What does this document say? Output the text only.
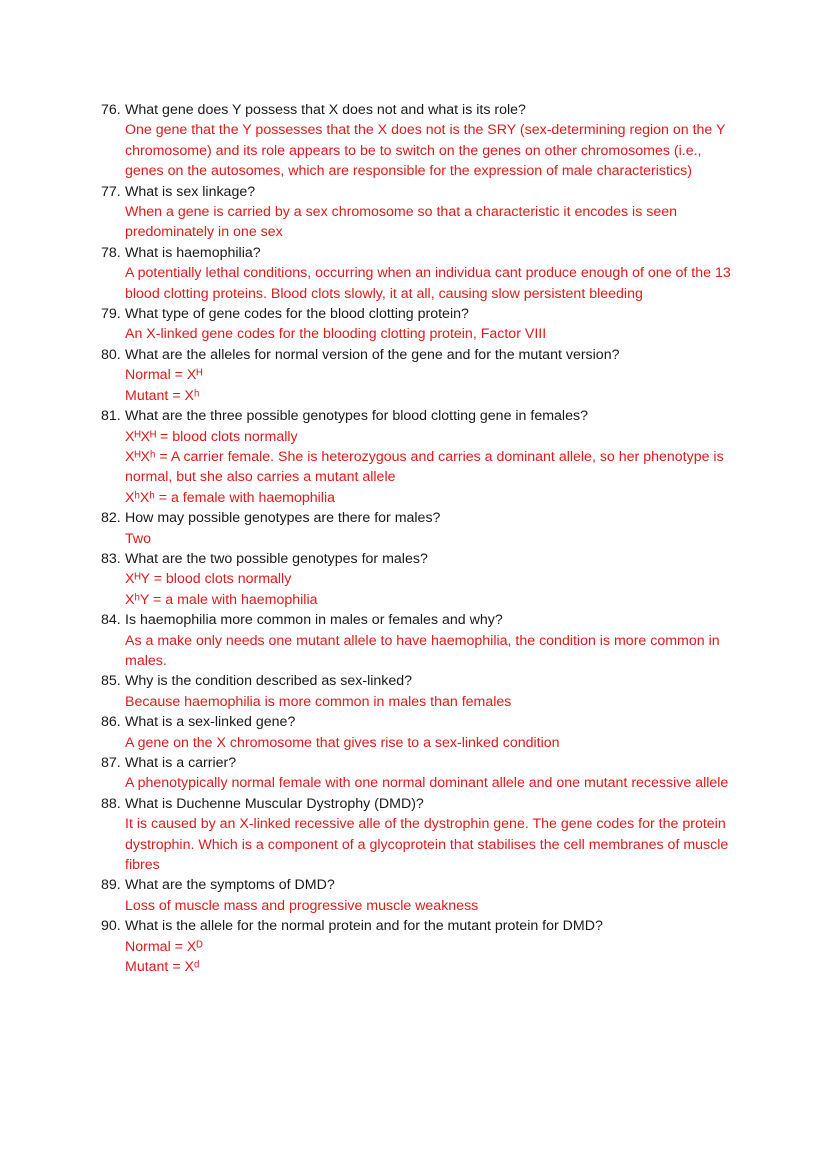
76. What gene does Y possess that X does not and what is its role?
One gene that the Y possesses that the X does not is the SRY (sex-determining region on the Y chromosome) and its role appears to be to switch on the genes on other chromosomes (i.e., genes on the autosomes, which are responsible for the expression of male characteristics)
77. What is sex linkage?
When a gene is carried by a sex chromosome so that a characteristic it encodes is seen predominately in one sex
78. What is haemophilia?
A potentially lethal conditions, occurring when an individua cant produce enough of one of the 13 blood clotting proteins. Blood clots slowly, it at all, causing slow persistent bleeding
79. What type of gene codes for the blood clotting protein?
An X-linked gene codes for the blooding clotting protein, Factor VIII
80. What are the alleles for normal version of the gene and for the mutant version?
Normal = Xᴴ
Mutant = Xʰ
81. What are the three possible genotypes for blood clotting gene in females?
XᴴXᴴ = blood clots normally
XᴴXʰ = A carrier female. She is heterozygous and carries a dominant allele, so her phenotype is normal, but she also carries a mutant allele
XʰXʰ = a female with haemophilia
82. How may possible genotypes are there for males?
Two
83. What are the two possible genotypes for males?
XᴴY = blood clots normally
XʰY = a male with haemophilia
84. Is haemophilia more common in males or females and why?
As a make only needs one mutant allele to have haemophilia, the condition is more common in males.
85. Why is the condition described as sex-linked?
Because haemophilia is more common in males than females
86. What is a sex-linked gene?
A gene on the X chromosome that gives rise to a sex-linked condition
87. What is a carrier?
A phenotypically normal female with one normal dominant allele and one mutant recessive allele
88. What is Duchenne Muscular Dystrophy (DMD)?
It is caused by an X-linked recessive alle of the dystrophin gene. The gene codes for the protein dystrophin. Which is a component of a glycoprotein that stabilises the cell membranes of muscle fibres
89. What are the symptoms of DMD?
Loss of muscle mass and progressive muscle weakness
90. What is the allele for the normal protein and for the mutant protein for DMD?
Normal = Xᴰ
Mutant = Xᵈ
